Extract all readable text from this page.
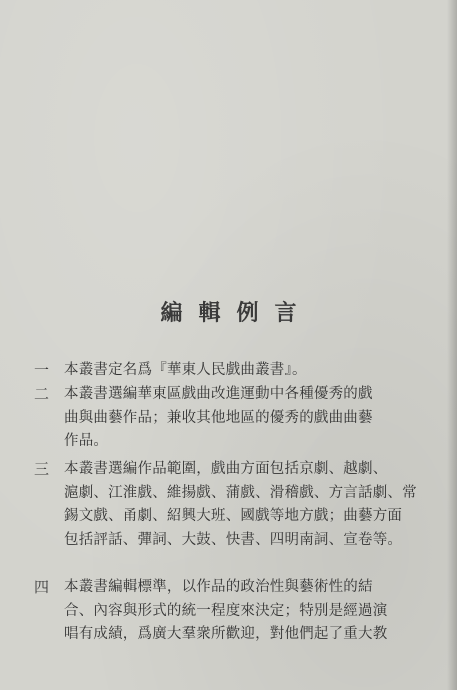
編輯例言
一	本叢書定名爲『華東人民戲曲叢書』。
二	本叢書選編華東區戲曲改進運動中各種優秀的戲
曲與曲藝作品；兼收其他地區的優秀的戲曲曲藝
作品。
三	本叢書選編作品範圍，戲曲方面包括京劇、越劇、
滬劇、江淮戲、維揚戲、蒲戲、滑稽戲、方言話劇、常
錫文戲、甬劇、紹興大班、國戲等地方戲；曲藝方面
包括評話、彈詞、大鼓、快書、四明南詞、宣卷等。
四	本叢書編輯標準，以作品的政治性與藝術性的結
合、內容與形式的統一程度來決定；特別是經過演
唱有成績，爲廣大羣衆所歡迎，對他們起了重大教
